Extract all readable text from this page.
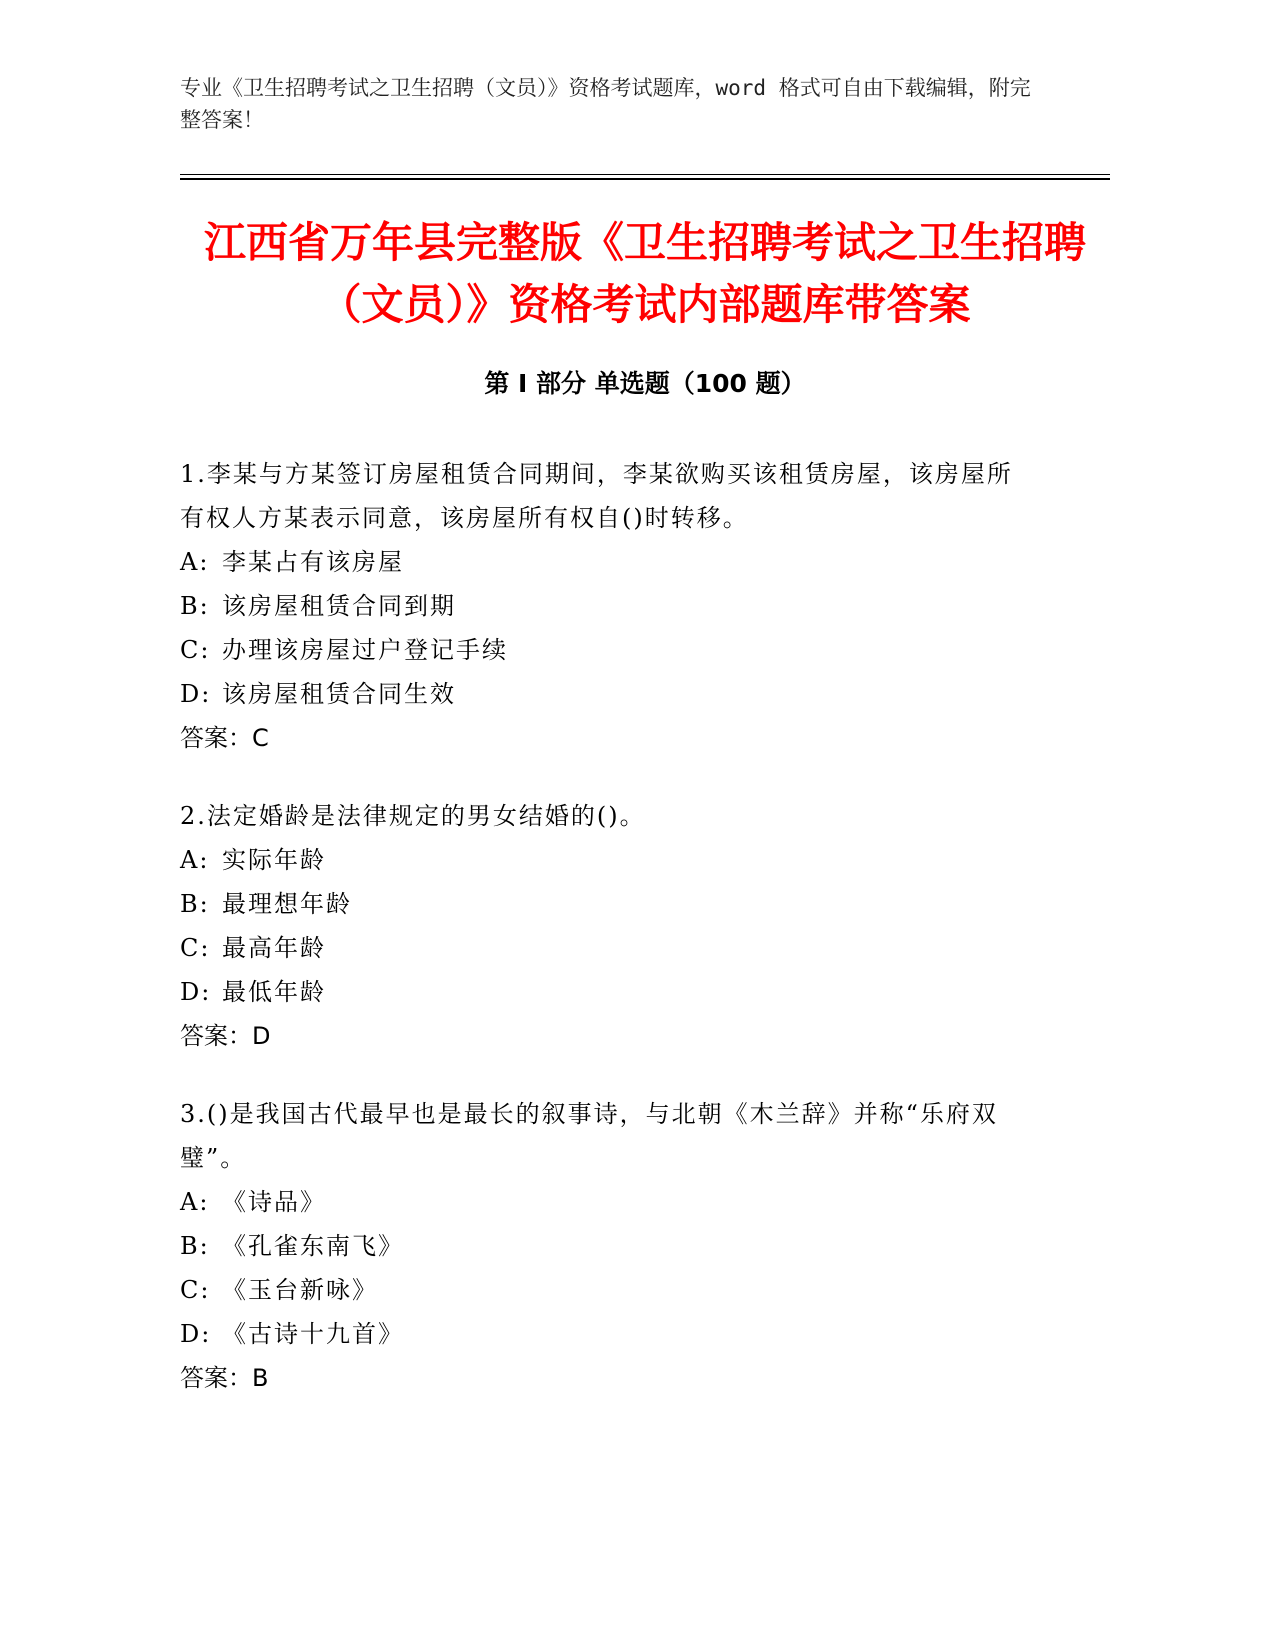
专业《卫生招聘考试之卫生招聘（文员）》资格考试题库，word 格式可自由下载编辑，附完整答案！
江西省万年县完整版《卫生招聘考试之卫生招聘（文员）》资格考试内部题库带答案
第 I 部分 单选题（100 题）

1.李某与方某签订房屋租赁合同期间，李某欲购买该租赁房屋，该房屋所有权人方某表示同意，该房屋所有权自()时转移。

A: 李某占有该房屋

B: 该房屋租赁合同到期

C: 办理该房屋过户登记手续

D: 该房屋租赁合同生效

答案：C

2.法定婚龄是法律规定的男女结婚的()。

A: 实际年龄

B: 最理想年龄

C: 最高年龄

D: 最低年龄

答案：D

3.()是我国古代最早也是最长的叙事诗，与北朝《木兰辞》并称“乐府双璧”。

A: 《诗品》

B: 《孔雀东南飞》

C: 《玉台新咏》

D: 《古诗十九首》

答案：B
